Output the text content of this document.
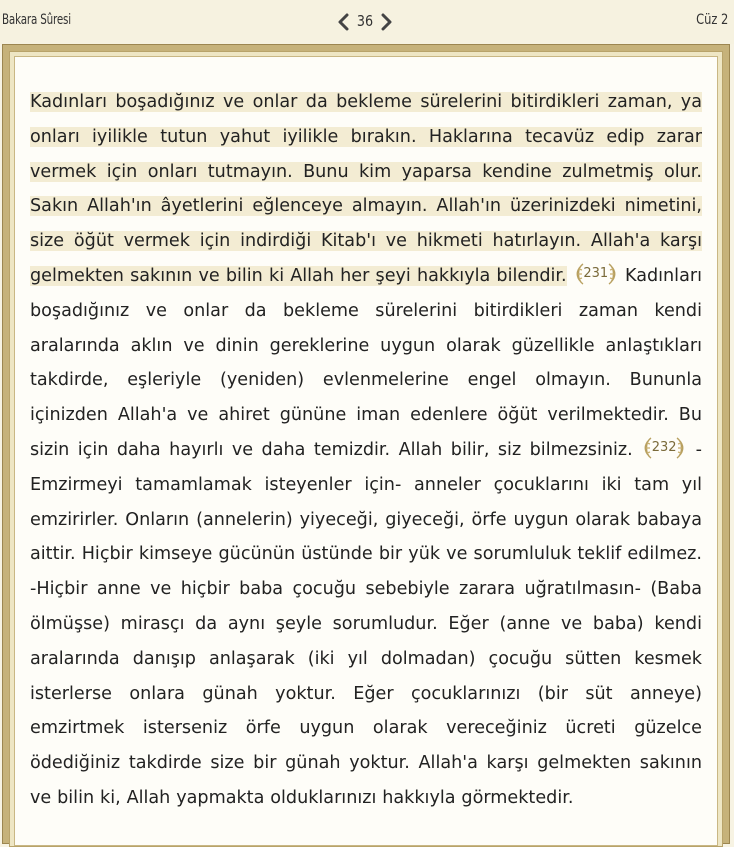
Bakara Sûresi	36	Cüz 2
Kadınları boşadığınız ve onlar da bekleme sürelerini bitirdikleri zaman, ya onları iyilikle tutun yahut iyilikle bırakın. Haklarına tecavüz edip zarar vermek için onları tutmayın. Bunu kim yaparsa kendine zulmetmiş olur. Sakın Allah'ın âyetlerini eğlenceye almayın. Allah'ın üzerinizdeki nimetini, size öğüt vermek için indirdiği Kitab'ı ve hikmeti hatırlayın. Allah'a karşı gelmekten sakının ve bilin ki Allah her şeyi hakkıyla bilendir.	231 Kadınları boşadığınız ve onlar da bekleme sürelerini bitirdikleri zaman kendi aralarında aklın ve dinin gereklerine uygun olarak güzellikle anlaştıkları takdirde, eşleriyle (yeniden) evlenmelerine engel olmayın. Bununla içinizden Allah'a ve ahiret gününe iman edenlere öğüt verilmektedir. Bu sizin için daha hayırlı ve daha temizdir. Allah bilir, siz bilmezsiniz.	232	-Emzirmeyi tamamlamak isteyenler için- anneler çocuklarını iki tam yıl emzirirler. Onların (annelerin) yiyeceği, giyeceği, örfe uygun olarak babaya aittir. Hiçbir kimseye gücünün üstünde bir yük ve sorumluluk teklif edilmez. -Hiçbir anne ve hiçbir baba çocuğu sebebiyle zarara uğratılmasın- (Baba ölmüşse) mirasçı da aynı şeyle sorumludur. Eğer (anne ve baba) kendi aralarında danışıp anlaşarak (iki yıl dolmadan) çocuğu sütten kesmek isterlerse onlara günah yoktur. Eğer çocuklarınızı (bir süt anneye) emzirtmek isterseniz örfe uygun olarak vereceğiniz ücreti güzelce ödediğiniz takdirde size bir günah yoktur. Allah'a karşı gelmekten sakının ve bilin ki, Allah yapmakta olduklarınızı hakkıyla görmektedir.
